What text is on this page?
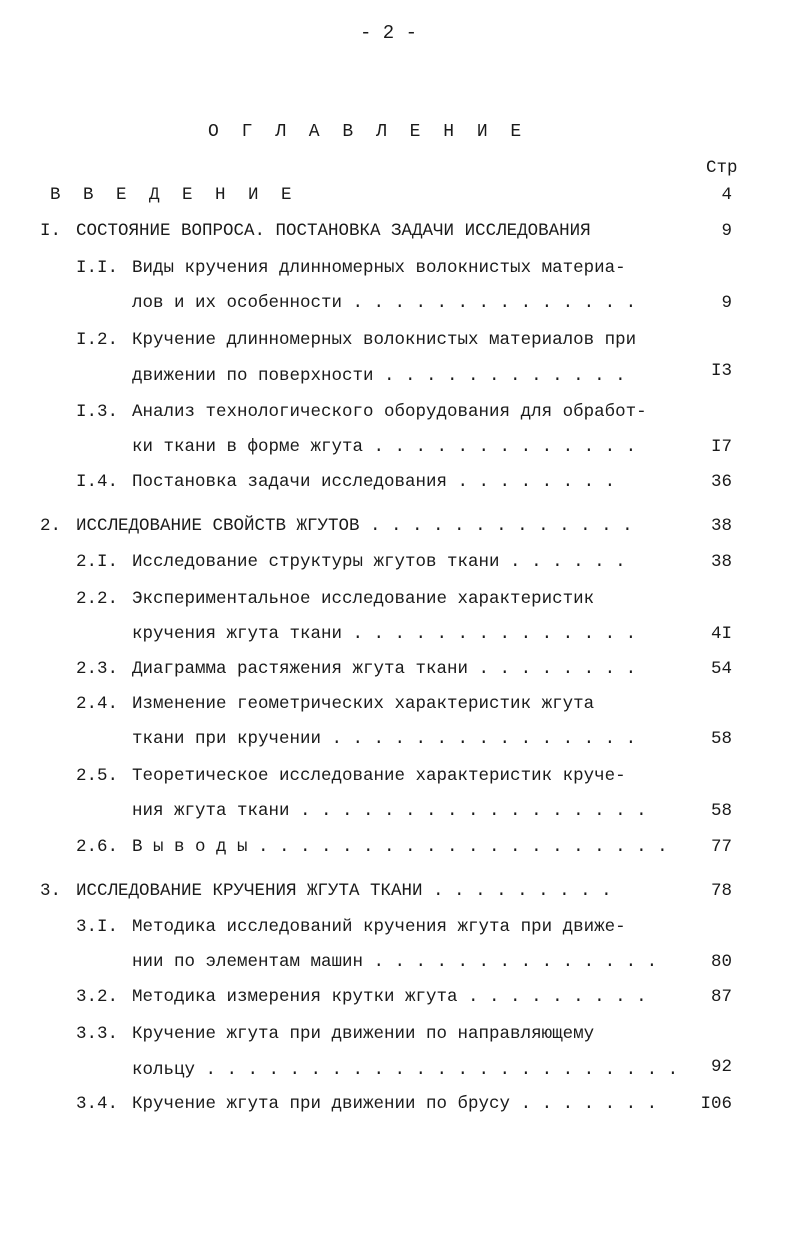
- 2 -
О Г Л А В Л Е Н И Е
Стр
В В Е Д Е Н И Е	4
I. СОСТОЯНИЕ ВОПРОСА. ПОСТАНОВКА ЗАДАЧИ ИССЛЕДОВАНИЯ	9
I.I. Виды кручения длинномерных волокнистых материа-
лов и их особенности . . . . . . . . . . . . . .	9
I.2. Кручение длинномерных волокнистых материалов при
движении по поверхности . . . . . . . . . . . .	I3
I.3. Анализ технологического оборудования для обработ-
ки ткани в форме жгута . . . . . . . . . . . . .	I7
I.4. Постановка задачи исследования . . . . . . . .	36
2. ИССЛЕДОВАНИЕ СВОЙСТВ ЖГУТОВ . . . . . . . . . . . . .	38
2.I. Исследование структуры жгутов ткани . . . . . .	38
2.2. Экспериментальное исследование характеристик
кручения жгута ткани . . . . . . . . . . . . . .	4I
2.3. Диаграмма растяжения жгута ткани . . . . . . . .	54
2.4. Изменение геометрических характеристик жгута
ткани при кручении . . . . . . . . . . . . . . .	58
2.5. Теоретическое исследование характеристик круче-
ния жгута ткани . . . . . . . . . . . . . . . . .	58
2.6. В ы в о д ы . . . . . . . . . . . . . . . . . . . .	77
3. ИССЛЕДОВАНИЕ КРУЧЕНИЯ ЖГУТА ТКАНИ . . . . . . . . .	78
3.I. Методика исследований кручения жгута при движе-
нии по элементам машин . . . . . . . . . . . . . .	80
3.2. Методика измерения крутки жгута . . . . . . . . .	87
3.3. Кручение жгута при движении по направляющему
кольцу . . . . . . . . . . . . . . . . . . . . . . .	92
3.4. Кручение жгута при движении по брусу . . . . . . .	I06
